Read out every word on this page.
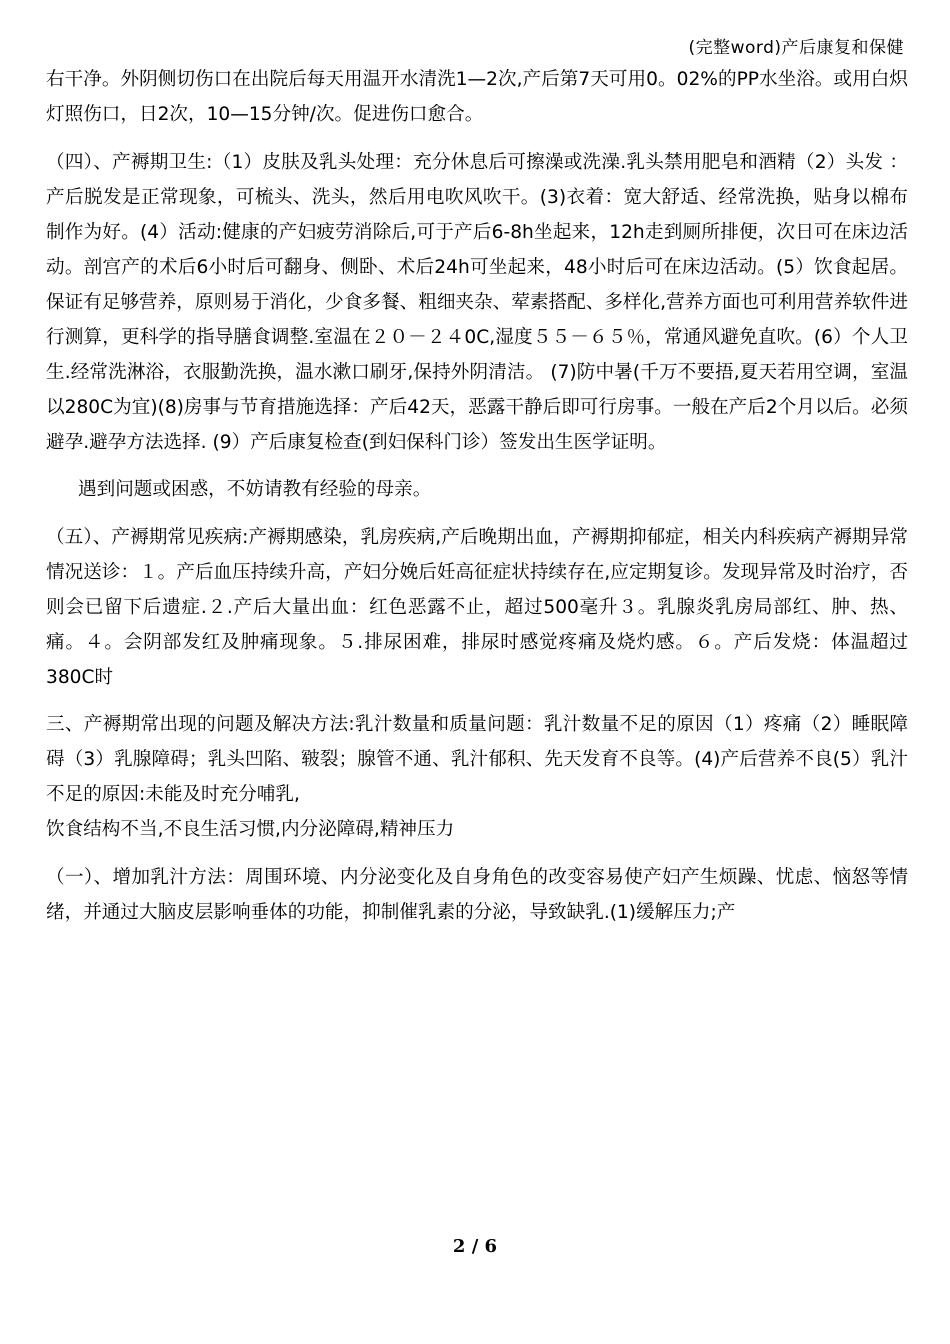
(完整word)产后康复和保健

右干净。外阴侧切伤口在出院后每天用温开水清洗1—2次,产后第7天可用0。02%的PP水坐浴。或用白炽灯照伤口，日2次，10—15分钟/次。促进伤口愈合。

（四）、产褥期卫生:（1）皮肤及乳头处理：充分休息后可擦澡或洗澡.乳头禁用肥皂和酒精（2）头发 ：产后脱发是正常现象，可梳头、洗头，然后用电吹风吹干。(3)衣着：宽大舒适、经常洗换，贴身以棉布制作为好。(4）活动:健康的产妇疲劳消除后,可于产后6-8h坐起来，12h走到厕所排便，次日可在床边活动。剖宫产的术后6小时后可翻身、侧卧、术后24h可坐起来，48小时后可在床边活动。(5）饮食起居。保证有足够营养，原则易于消化，少食多餐、粗细夹杂、荤素搭配、多样化,营养方面也可利用营养软件进行测算，更科学的指导膳食调整.室温在２０－２４0C,湿度５５－６５％，常通风避免直吹。(6）个人卫生.经常洗淋浴，衣服勤洗换，温水漱口刷牙,保持外阴清洁。 (7)防中暑(千万不要捂,夏天若用空调，室温以280C为宜)(8)房事与节育措施选择：产后42天，恶露干静后即可行房事。一般在产后2个月以后。必须避孕.避孕方法选择. (9）产后康复检查(到妇保科门诊）签发出生医学证明。

遇到问题或困惑，不妨请教有经验的母亲。

（五）、产褥期常见疾病:产褥期感染，乳房疾病,产后晚期出血，产褥期抑郁症，相关内科疾病产褥期异常情况送诊：１。产后血压持续升高，产妇分娩后妊高征症状持续存在,应定期复诊。发现异常及时治疗，否则会已留下后遗症.２.产后大量出血：红色恶露不止，超过500毫升３。乳腺炎乳房局部红、肿、热、痛。４。会阴部发红及肿痛现象。５.排尿困难，排尿时感觉疼痛及烧灼感。６。产后发烧：体温超过380C时

三、产褥期常出现的问题及解决方法:乳汁数量和质量问题：乳汁数量不足的原因（1）疼痛（2）睡眠障碍（3）乳腺障碍；乳头凹陷、皲裂；腺管不通、乳汁郁积、先天发育不良等。(4)产后营养不良(5）乳汁不足的原因:未能及时充分哺乳,

饮食结构不当,不良生活习惯,内分泌障碍,精神压力

（一）、增加乳汁方法：周围环境、内分泌变化及自身角色的改变容易使产妇产生烦躁、忧虑、恼怒等情绪，并通过大脑皮层影响垂体的功能，抑制催乳素的分泌，导致缺乳.(1)缓解压力;产

2 / 6
